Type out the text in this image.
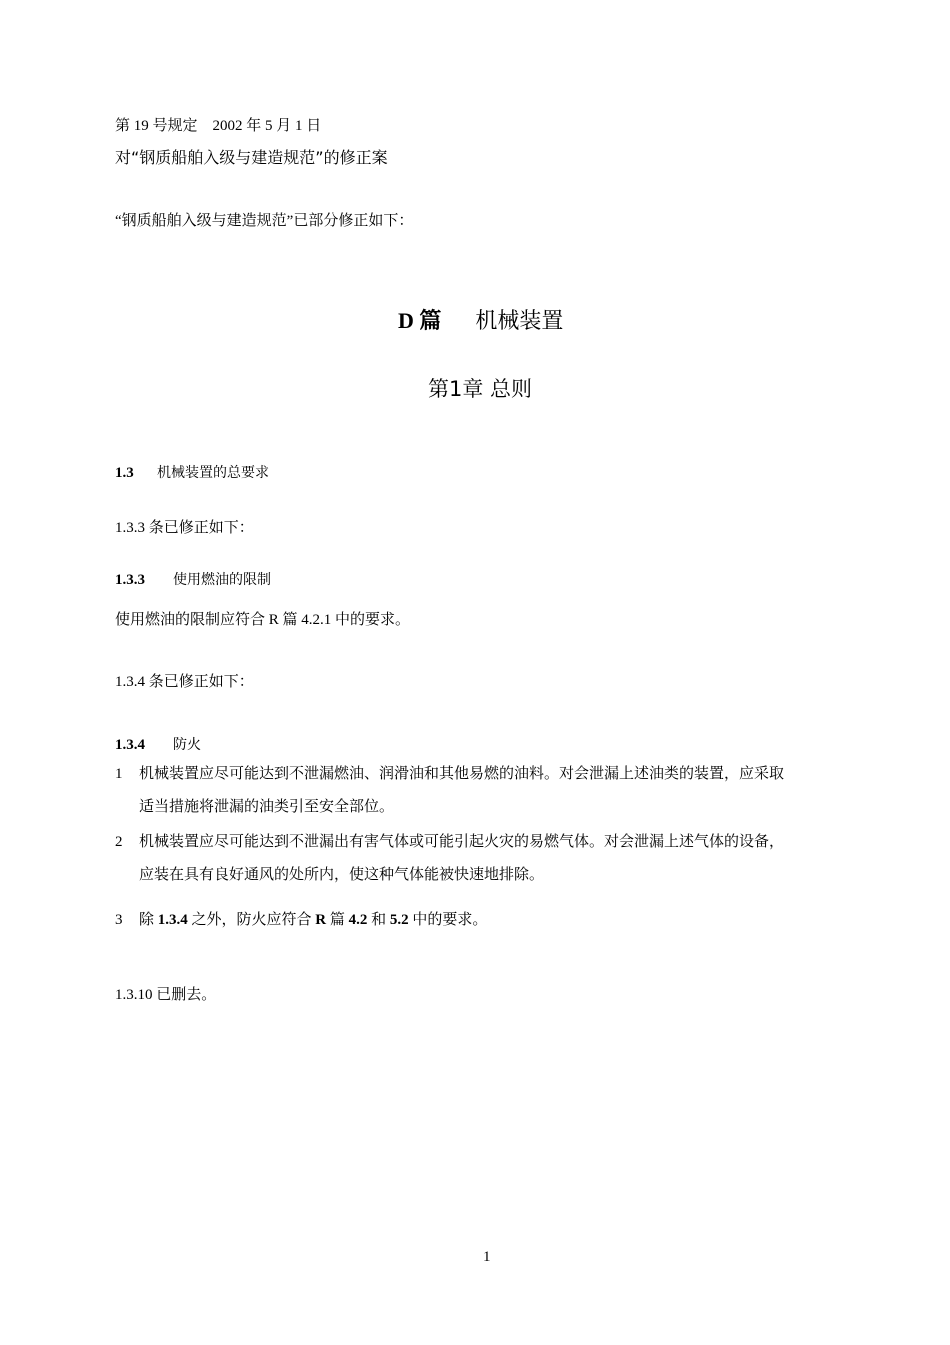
第 19 号规定　2002 年 5 月 1 日
对“钢质船舶入级与建造规范”的修正案
“钢质船舶入级与建造规范”已部分修正如下：
D 篇 机械装置
第1章 总则
1.3 机械装置的总要求
1.3.3 条已修正如下：
1.3.3 使用燃油的限制
使用燃油的限制应符合 R 篇 4.2.1 中的要求。
1.3.4 条已修正如下：
1.3.4 防火
1 机械装置应尽可能达到不泄漏燃油、润滑油和其他易燃的油料。对会泄漏上述油类的装置，应采取
适当措施将泄漏的油类引至安全部位。
2 机械装置应尽可能达到不泄漏出有害气体或可能引起火灾的易燃气体。对会泄漏上述气体的设备，
应装在具有良好通风的处所内，使这种气体能被快速地排除。
3 除 1.3.4 之外，防火应符合 R 篇 4.2 和 5.2 中的要求。
1.3.10 已删去。
1
